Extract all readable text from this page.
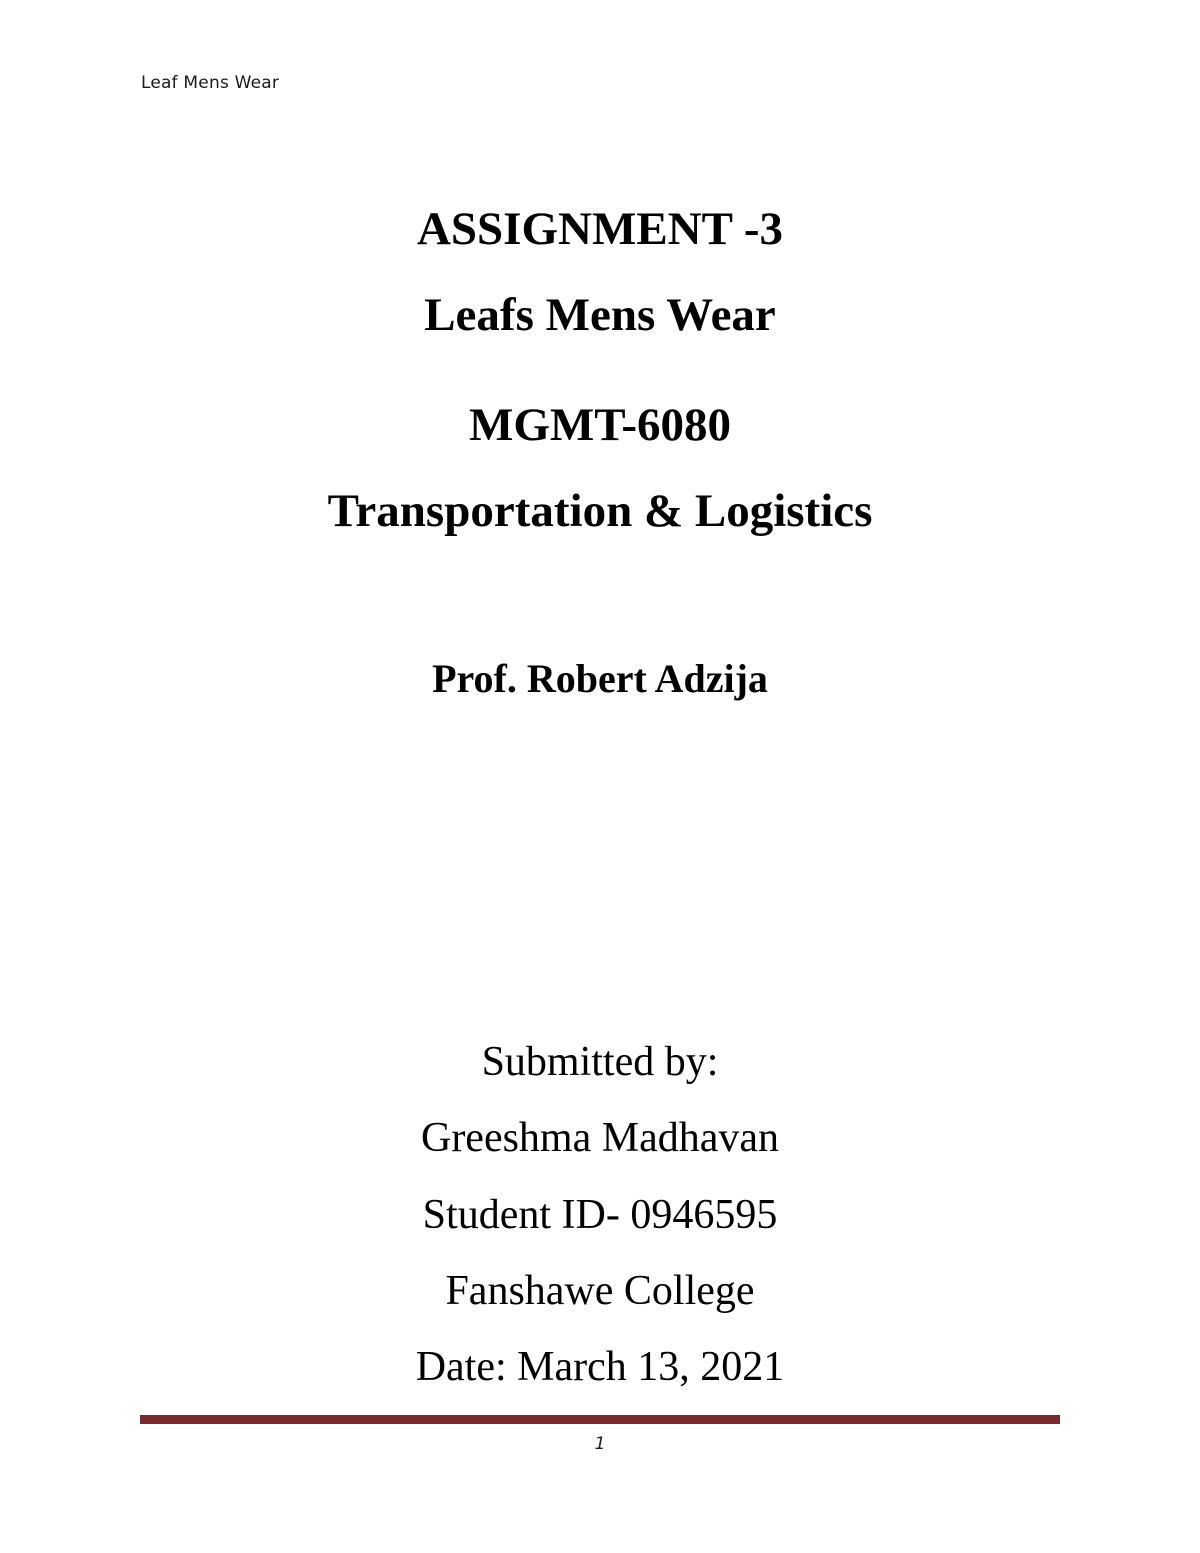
Leaf Mens Wear
ASSIGNMENT -3
Leafs Mens Wear
MGMT-6080
Transportation & Logistics
Prof. Robert Adzija
Submitted by:
Greeshma Madhavan
Student ID- 0946595
Fanshawe College
Date: March 13, 2021
1
